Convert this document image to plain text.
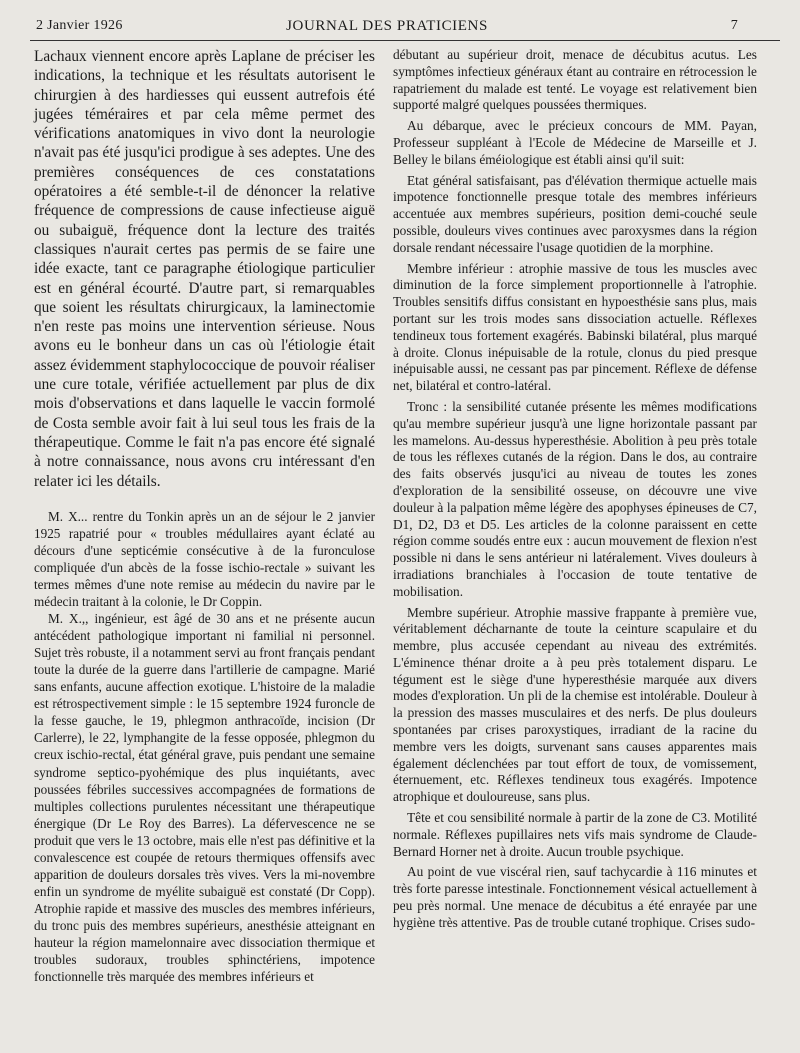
2 Janvier 1926	JOURNAL DES PRATICIENS	7

Lachaux viennent encore après Laplane de préciser les indications, la technique et les résultats autorisent le chirurgien à des hardiesses qui eussent autrefois été jugées téméraires et par cela même permet des vérifications anatomiques in vivo dont la neurologie n'avait pas été jusqu'ici prodigue à ses adeptes. Une des premières conséquences de ces constatations opératoires a été semble-t-il de dénoncer la relative fréquence de compressions de cause infectieuse aiguë ou subaiguë, fréquence dont la lecture des traités classiques n'aurait certes pas permis de se faire une idée exacte, tant ce paragraphe étiologique particulier est en général écourté. D'autre part, si remarquables que soient les résultats chirurgicaux, la laminectomie n'en reste pas moins une intervention sérieuse. Nous avons eu le bonheur dans un cas où l'étiologie était assez évidemment staphylococcique de pouvoir réaliser une cure totale, vérifiée actuellement par plus de dix mois d'observations et dans laquelle le vaccin formolé de Costa semble avoir fait à lui seul tous les frais de la thérapeutique. Comme le fait n'a pas encore été signalé à notre connaissance, nous avons cru intéressant d'en relater ici les détails.

M. X... rentre du Tonkin après un an de séjour le 2 janvier 1925 rapatrié pour « troubles médullaires ayant éclaté au décours d'une septicémie consécutive à de la furonculose compliquée d'un abcès de la fosse ischio-rectale » suivant les termes mêmes d'une note remise au médecin du navire par le médecin traitant à la colonie, le Dr Coppin.

M. X.,, ingénieur, est âgé de 30 ans et ne présente aucun antécédent pathologique important ni familial ni personnel. Sujet très robuste, il a notamment servi au front français pendant toute la durée de la guerre dans l'artillerie de campagne. Marié sans enfants, aucune affection exotique. L'histoire de la maladie est rétrospectivement simple : le 15 septembre 1924 furoncle de la fesse gauche, le 19, phlegmon anthracoïde, incision (Dr Carlerre), le 22, lymphangite de la fesse opposée, phlegmon du creux ischio-rectal, état général grave, puis pendant une semaine syndrome septico-pyohémique des plus inquiétants, avec poussées fébriles successives accompagnées de formations de multiples collections purulentes nécessitant une thérapeutique énergique (Dr Le Roy des Barres). La défervescence ne se produit que vers le 13 octobre, mais elle n'est pas définitive et la convalescence est coupée de retours thermiques offensifs avec apparition de douleurs dorsales très vives. Vers la mi-novembre enfin un syndrome de myélite subaiguë est constaté (Dr Copp). Atrophie rapide et massive des muscles des membres inférieurs, du tronc puis des membres supérieurs, anesthésie atteignant en hauteur la région mamelonnaire avec dissociation thermique et troubles sudoraux, troubles sphinctériens, impotence fonctionnelle très marquée des membres inférieurs et

débutant au supérieur droit, menace de décubitus acutus. Les symptômes infectieux généraux étant au contraire en rétrocession le rapatriement du malade est tenté. Le voyage est relativement bien supporté malgré quelques poussées thermiques.

Au débarque, avec le précieux concours de MM. Payan, Professeur suppléant à l'Ecole de Médecine de Marseille et J. Belley le bilans éméiologique est établi ainsi qu'il suit:

Etat général satisfaisant, pas d'élévation thermique actuelle mais impotence fonctionnelle presque totale des membres inférieurs accentuée aux membres supérieurs, position demi-couché seule possible, douleurs vives continues avec paroxysmes dans la région dorsale rendant nécessaire l'usage quotidien de la morphine.

Membre inférieur : atrophie massive de tous les muscles avec diminution de la force simplement proportionnelle à l'atrophie. Troubles sensitifs diffus consistant en hypoesthésie sans plus, mais portant sur les trois modes sans dissociation actuelle. Réflexes tendineux tous fortement exagérés. Babinski bilatéral, plus marqué à droite. Clonus inépuisable de la rotule, clonus du pied presque inépuisable aussi, ne cessant pas par pincement. Réflexe de défense net, bilatéral et contro-latéral.

Tronc : la sensibilité cutanée présente les mêmes modifications qu'au membre supérieur jusqu'à une ligne horizontale passant par les mamelons. Au-dessus hyperesthésie. Abolition à peu près totale de tous les réflexes cutanés de la région. Dans le dos, au contraire des faits observés jusqu'ici au niveau de toutes les zones d'exploration de la sensibilité osseuse, on découvre une vive douleur à la palpation même légère des apophyses épineuses de C7, D1, D2, D3 et D5. Les articles de la colonne paraissent en cette région comme soudés entre eux : aucun mouvement de flexion n'est possible ni dans le sens antérieur ni latéralement. Vives douleurs à irradiations branchiales à l'occasion de toute tentative de mobilisation.

Membre supérieur. Atrophie massive frappante à première vue, véritablement décharnante de toute la ceinture scapulaire et du membre, plus accusée cependant au niveau des extrémités. L'éminence thénar droite a à peu près totalement disparu. Le tégument est le siège d'une hyperesthésie marquée aux divers modes d'exploration. Un pli de la chemise est intolérable. Douleur à la pression des masses musculaires et des nerfs. De plus douleurs spontanées par crises paroxystiques, irradiant de la racine du membre vers les doigts, survenant sans causes apparentes mais également déclenchées par tout effort de toux, de vomissement, éternuement, etc. Réflexes tendineux tous exagérés. Impotence atrophique et douloureuse, sans plus.

Tête et cou sensibilité normale à partir de la zone de C3. Motilité normale. Réflexes pupillaires nets vifs mais syndrome de Claude-Bernard Horner net à droite. Aucun trouble psychique.

Au point de vue viscéral rien, sauf tachycardie à 116 minutes et très forte paresse intestinale. Fonctionnement vésical actuellement à peu près normal. Une menace de décubitus a été enrayée par une hygiène très attentive. Pas de trouble cutané trophique. Crises sudo-
